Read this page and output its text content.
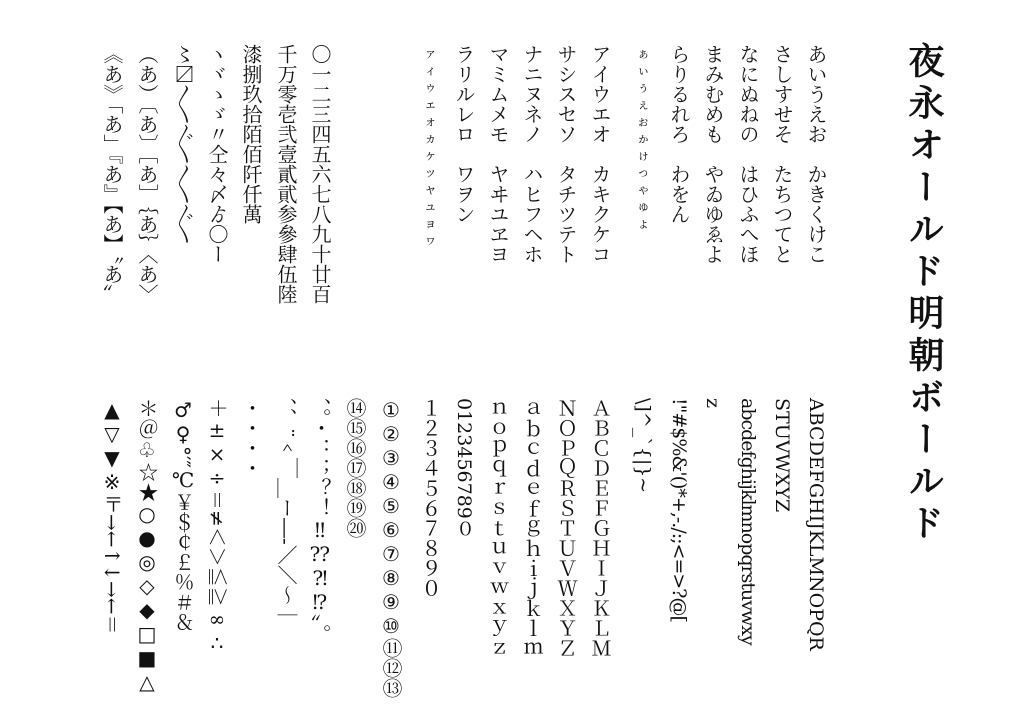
夜永オールド明朝ボールド
あいうえお　かきくけこ
さしすせそ　たちつてと
なにぬねの　はひふへほ
まみむめも　やゐゆゑよ
らりるれろ　わをん
ぁぃぅぇぉゕゖっゃゅょ
アイウエオ　カキクケコ
サシスセソ　タチツテト
ナニヌネノ　ハヒフヘホ
マミムメモ　ヤヰユヱヨ
ラリルレロ　ワヲン
ァィゥェォヵヶッャュョヮ
〇一二三四五六七八九十廿百
千万零壱弐壹貳貮参參肆伍陸
漆捌玖拾陌佰阡仟萬
ヽヾゝゞ〃仝々〆ゟ〇ー
〻〼〳〵〴〵〱〲
（あ）〔あ〕［あ］｛あ｝〈あ〉
《あ》「あ」『あ』【あ】〝あ〟
ABCDEFGHIJKLMNOPQR
STUVWXYZ
abcdefghijklmnopqrstuvwxy
z
!"#$%&'()*+,-./:;<=>?@[
\]^_`{|}~
ＡＢＣＤＥＦＧＨＩＪＫＬＭ
ＮＯＰＱＲＳＴＵＶＷＸＹＺ
ａｂｃｄｅｆｇｈｉｊｋｌｍ
ｎｏｐｑｒｓｔｕｖｗｘｙｚ
0123456789０
１２３４５６７８９０
①②③④⑤⑥⑦⑧⑨⑩⑪⑫⑬
⑭⑮⑯⑰⑱⑲⑳
、。・：；？！‼⁇⁈⁉〟。
、、¨＾￣＿ー―‐／＼～｜
・・・・
＋±×÷＝≠＜＞≦≧∞∴
♂♀°′″℃￥＄￠￡％＃＆
＊＠♧☆★○●◎◇◆□■△
▲▽▼※〒→←↑↓→←＝
